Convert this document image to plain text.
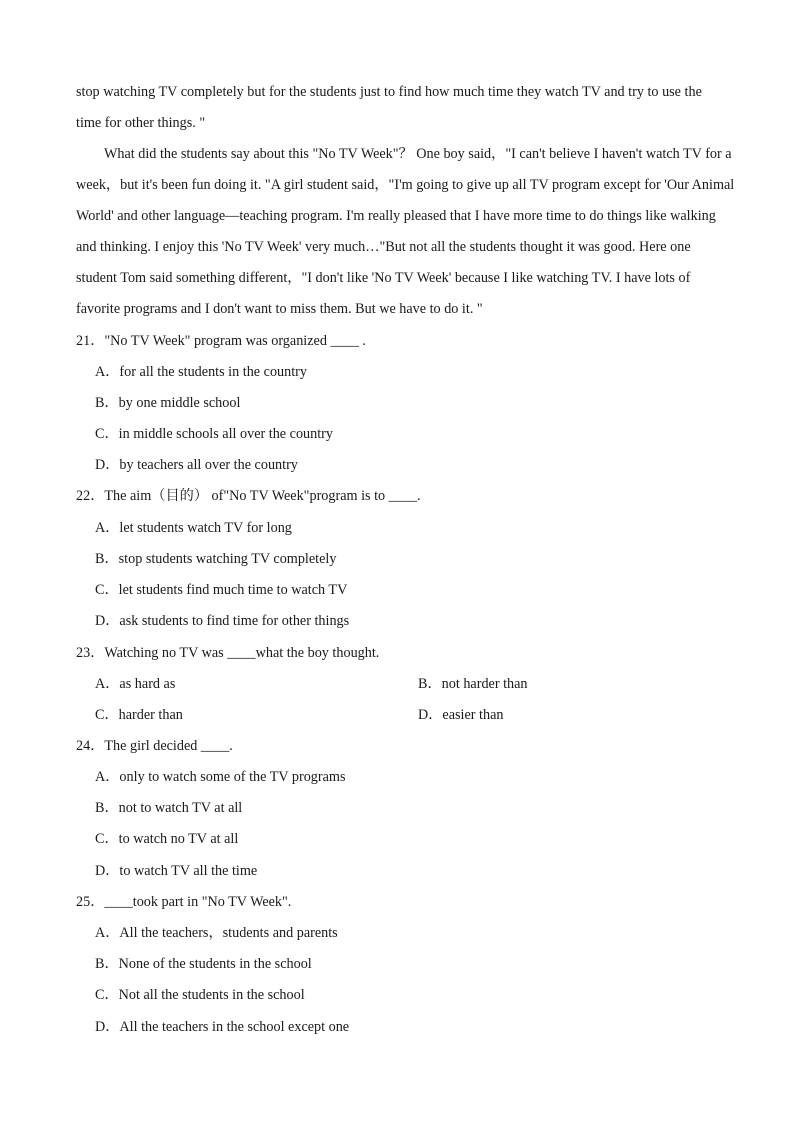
stop watching TV completely but for the students just to find how much time they watch TV and try to use the
time for other things. "
What did the students say about this "No TV Week"？ One boy said，"I can't believe I haven't watch TV for a
week，but it's been fun doing it. "A girl student said，"I'm going to give up all TV program except for 'Our Animal
World' and other language—teaching program. I'm really pleased that I have more time to do things like walking
and thinking. I enjoy this 'No TV Week' very much…"But not all the students thought it was good. Here one
student Tom said something different，"I don't like 'No TV Week' because I like watching TV. I have lots of
favorite programs and I don't want to miss them. But we have to do it. "
21．"No TV Week" program was organized ____ .
A．for all the students in the country
B．by one middle school
C．in middle schools all over the country
D．by teachers all over the country
22．The aim（目的） of"No TV Week"program is to ____.
A．let students watch TV for long
B．stop students watching TV completely
C．let students find much time to watch TV
D．ask students to find time for other things
23．Watching no TV was ____what the boy thought.
A．as hard as	B．not harder than
C．harder than	D．easier than
24．The girl decided ____.
A．only to watch some of the TV programs
B．not to watch TV at all
C．to watch no TV at all
D．to watch TV all the time
25．____took part in "No TV Week".
A．All the teachers，students and parents
B．None of the students in the school
C．Not all the students in the school
D．All the teachers in the school except one
